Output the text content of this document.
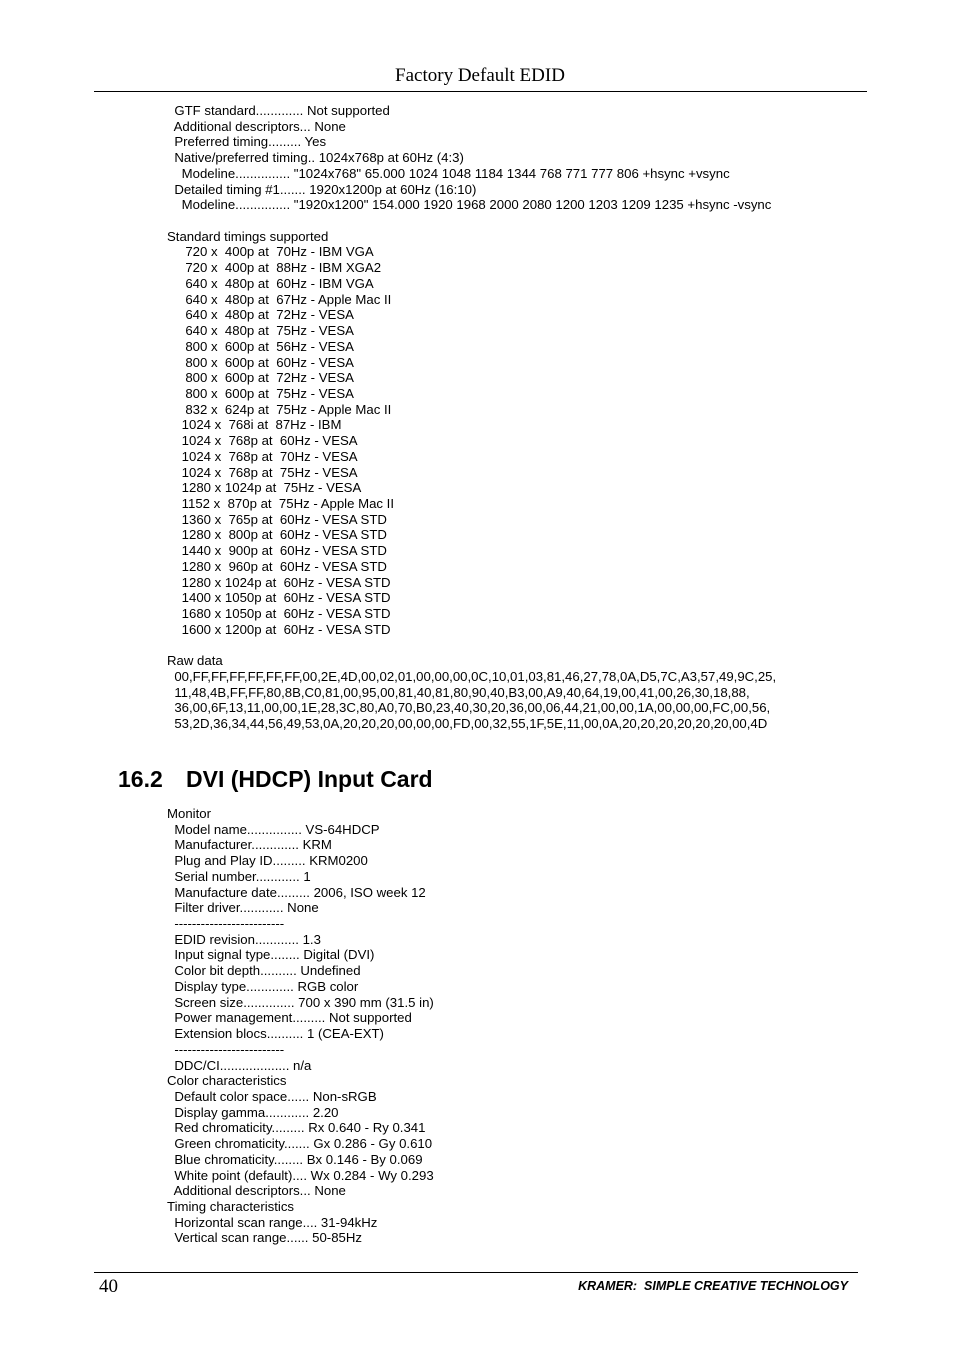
Factory Default EDID
GTF standard............. Not supported
Additional descriptors... None
Preferred timing......... Yes
Native/preferred timing.. 1024x768p at 60Hz (4:3)
Modeline............... "1024x768" 65.000 1024 1048 1184 1344 768 771 777 806 +hsync +vsync
Detailed timing #1....... 1920x1200p at 60Hz (16:10)
Modeline............... "1920x1200" 154.000 1920 1968 2000 2080 1200 1203 1209 1235 +hsync -vsync

Standard timings supported
720 x  400p at  70Hz - IBM VGA
720 x  400p at  88Hz - IBM XGA2
640 x  480p at  60Hz - IBM VGA
640 x  480p at  67Hz - Apple Mac II
640 x  480p at  72Hz - VESA
640 x  480p at  75Hz - VESA
800 x  600p at  56Hz - VESA
800 x  600p at  60Hz - VESA
800 x  600p at  72Hz - VESA
800 x  600p at  75Hz - VESA
832 x  624p at  75Hz - Apple Mac II
1024 x  768i at  87Hz - IBM
1024 x  768p at  60Hz - VESA
1024 x  768p at  70Hz - VESA
1024 x  768p at  75Hz - VESA
1280 x 1024p at  75Hz - VESA
1152 x  870p at  75Hz - Apple Mac II
1360 x  765p at  60Hz - VESA STD
1280 x  800p at  60Hz - VESA STD
1440 x  900p at  60Hz - VESA STD
1280 x  960p at  60Hz - VESA STD
1280 x 1024p at  60Hz - VESA STD
1400 x 1050p at  60Hz - VESA STD
1680 x 1050p at  60Hz - VESA STD
1600 x 1200p at  60Hz - VESA STD

Raw data
00,FF,FF,FF,FF,FF,FF,00,2E,4D,00,02,01,00,00,00,0C,10,01,03,81,46,27,78,0A,D5,7C,A3,57,49,9C,25,
11,48,4B,FF,FF,80,8B,C0,81,00,95,00,81,40,81,80,90,40,B3,00,A9,40,64,19,00,41,00,26,30,18,88,
36,00,6F,13,11,00,00,1E,28,3C,80,A0,70,B0,23,40,30,20,36,00,06,44,21,00,00,1A,00,00,00,FC,00,56,
53,2D,36,34,44,56,49,53,0A,20,20,20,00,00,00,FD,00,32,55,1F,5E,11,00,0A,20,20,20,20,20,20,00,4D
16.2 DVI (HDCP) Input Card
Monitor
Model name............... VS-64HDCP
Manufacturer............. KRM
Plug and Play ID......... KRM0200
Serial number............ 1
Manufacture date......... 2006, ISO week 12
Filter driver............ None
-------------------------
EDID revision............ 1.3
Input signal type........ Digital (DVI)
Color bit depth.......... Undefined
Display type............. RGB color
Screen size.............. 700 x 390 mm (31.5 in)
Power management......... Not supported
Extension blocs.......... 1 (CEA-EXT)
-------------------------
DDC/CI................... n/a
Color characteristics
Default color space...... Non-sRGB
Display gamma............ 2.20
Red chromaticity......... Rx 0.640 - Ry 0.341
Green chromaticity....... Gx 0.286 - Gy 0.610
Blue chromaticity........ Bx 0.146 - By 0.069
White point (default).... Wx 0.284 - Wy 0.293
Additional descriptors... None
Timing characteristics
Horizontal scan range.... 31-94kHz
Vertical scan range...... 50-85Hz
40	KRAMER:  SIMPLE CREATIVE TECHNOLOGY
